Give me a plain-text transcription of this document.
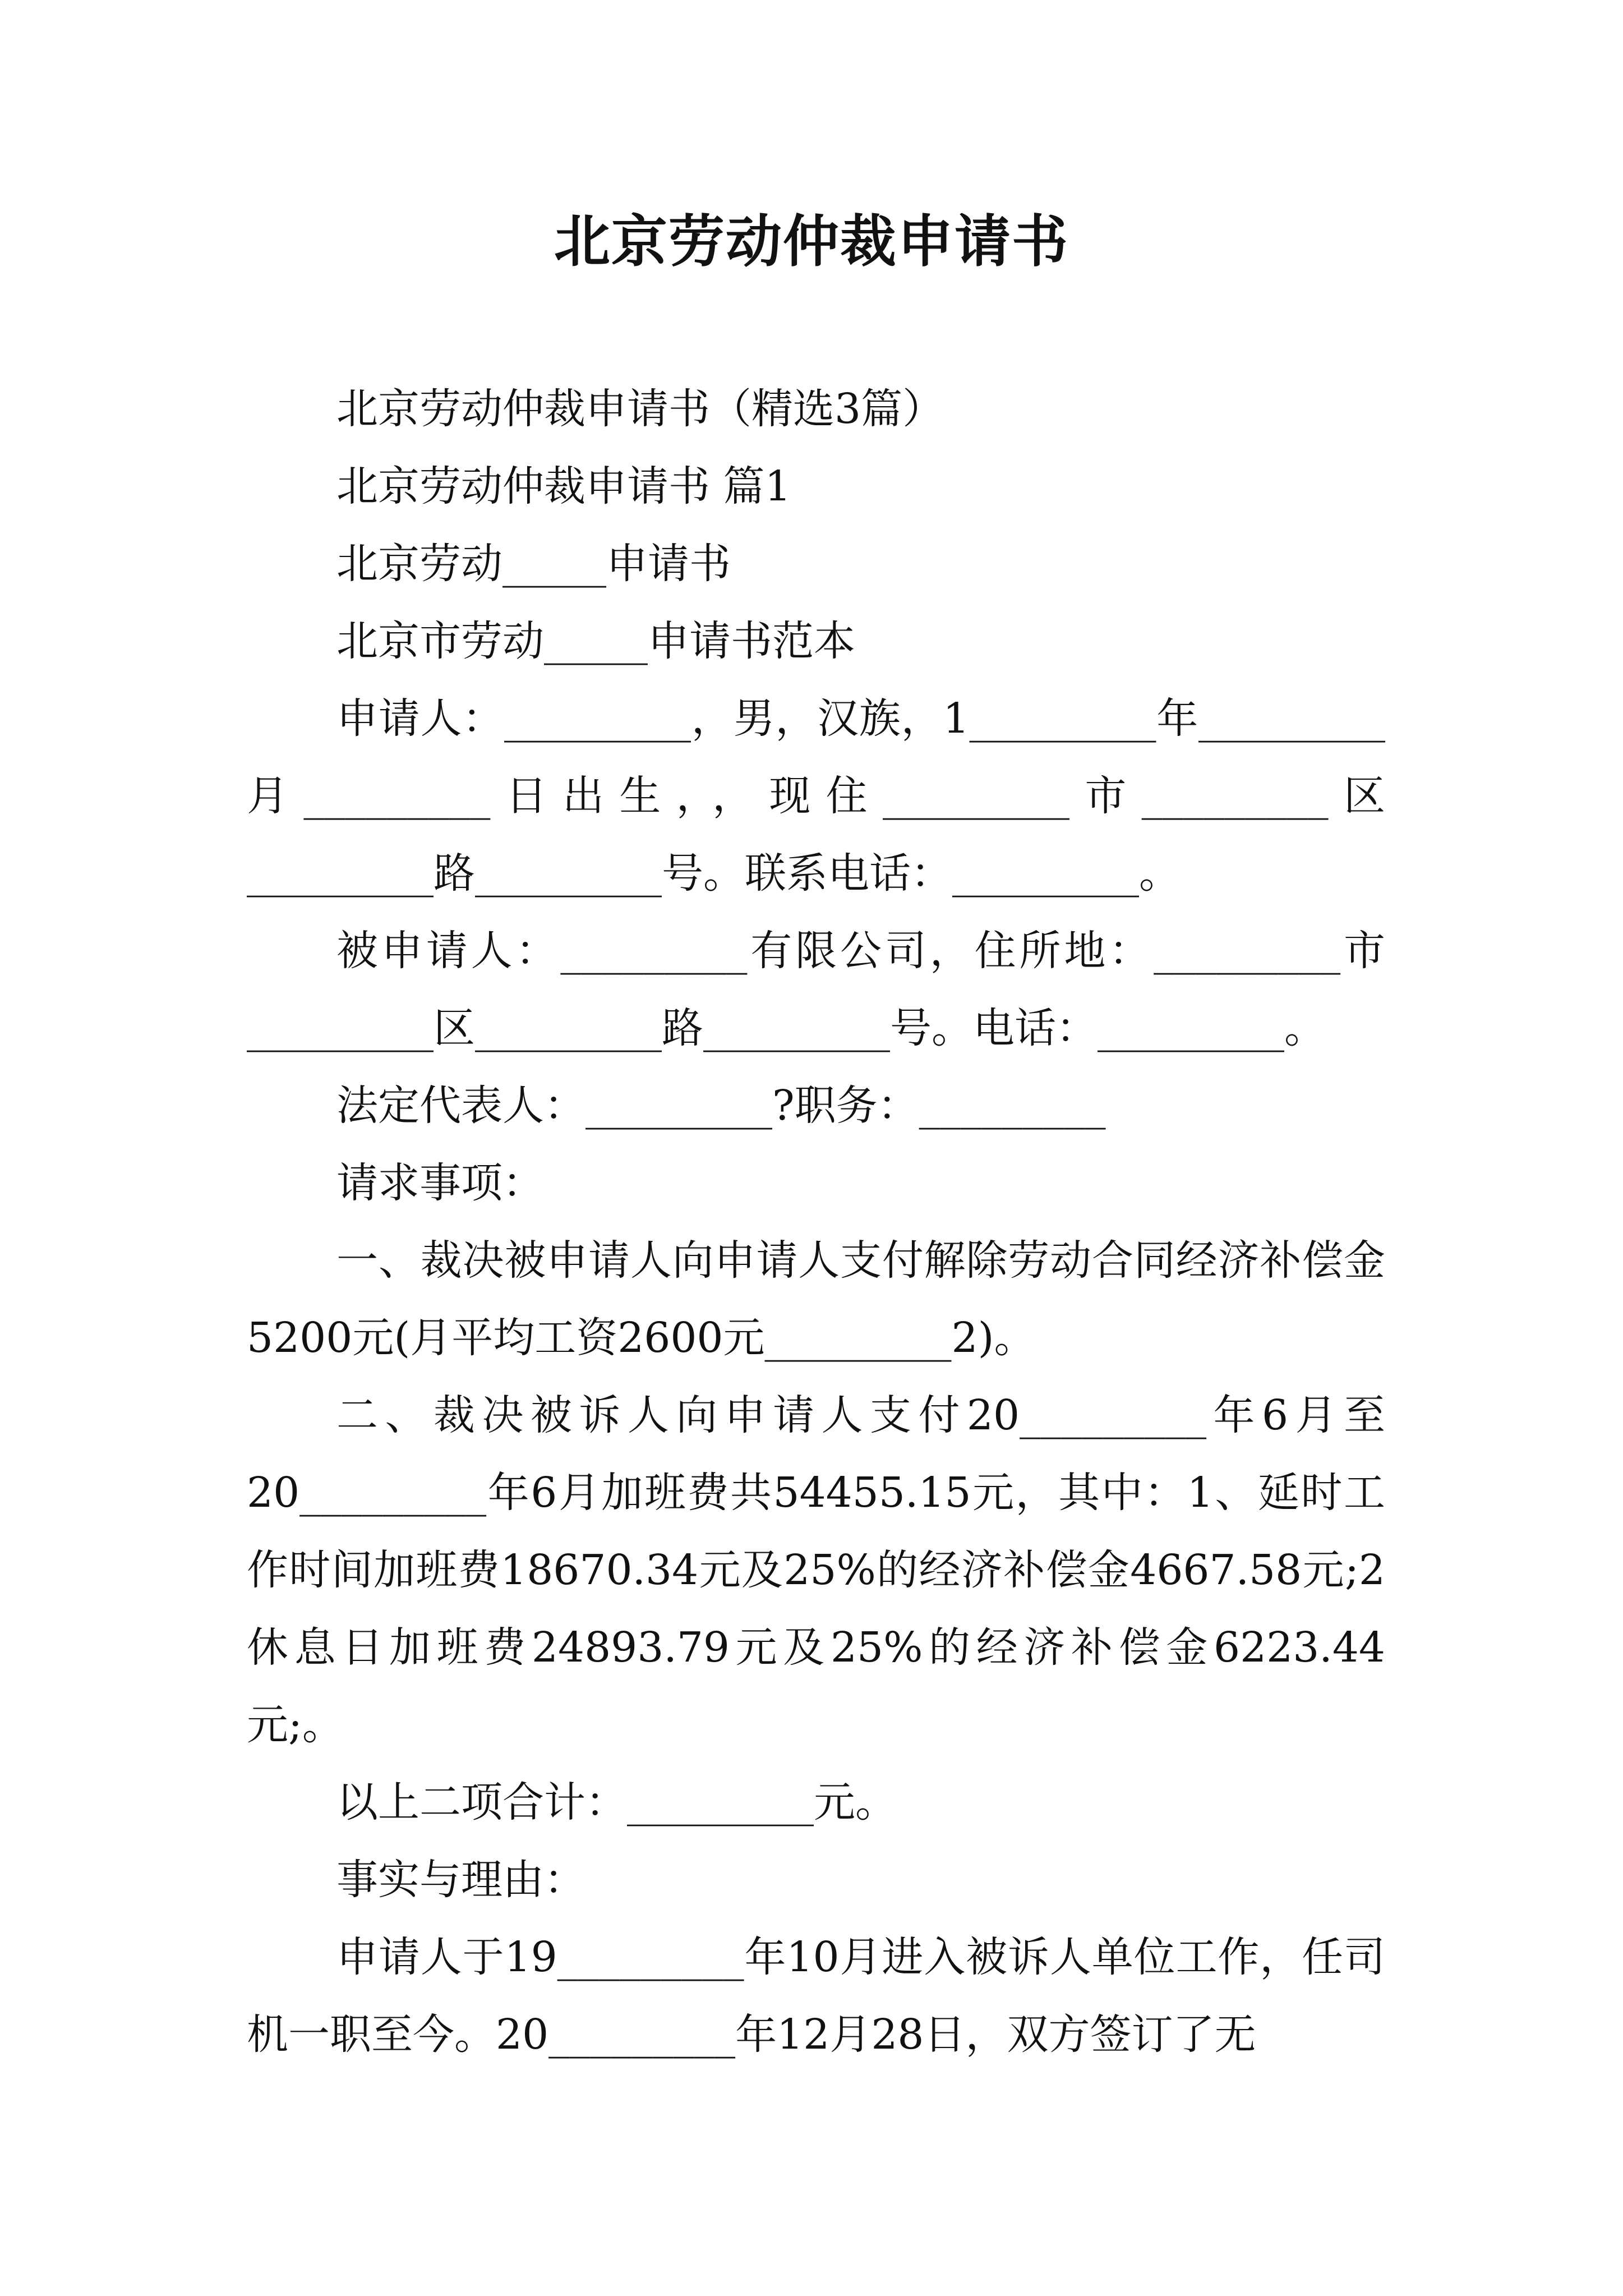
北京劳动仲裁申请书

北京劳动仲裁申请书（精选3篇）

北京劳动仲裁申请书 篇1

北京劳动_____申请书

北京市劳动_____申请书范本

申请人：_________，男，汉族，1_________年_________月_________日出生，，现住_________市_________区_________路_________号。联系电话：_________。

被申请人：_________有限公司，住所地：_________市_________区_________路_________号。电话：_________。

法定代表人：_________?职务：_________

请求事项：

一、裁决被申请人向申请人支付解除劳动合同经济补偿金5200元(月平均工资2600元_________2)。

二、裁决被诉人向申请人支付20_________年6月至20_________年6月加班费共54455.15元，其中：1、延时工作时间加班费18670.34元及25%的经济补偿金4667.58元;2休息日加班费24893.79元及25%的经济补偿金6223.44元;。

以上二项合计：_________元。

事实与理由：

申请人于19_________年10月进入被诉人单位工作，任司机一职至今。20_________年12月28日，双方签订了无
